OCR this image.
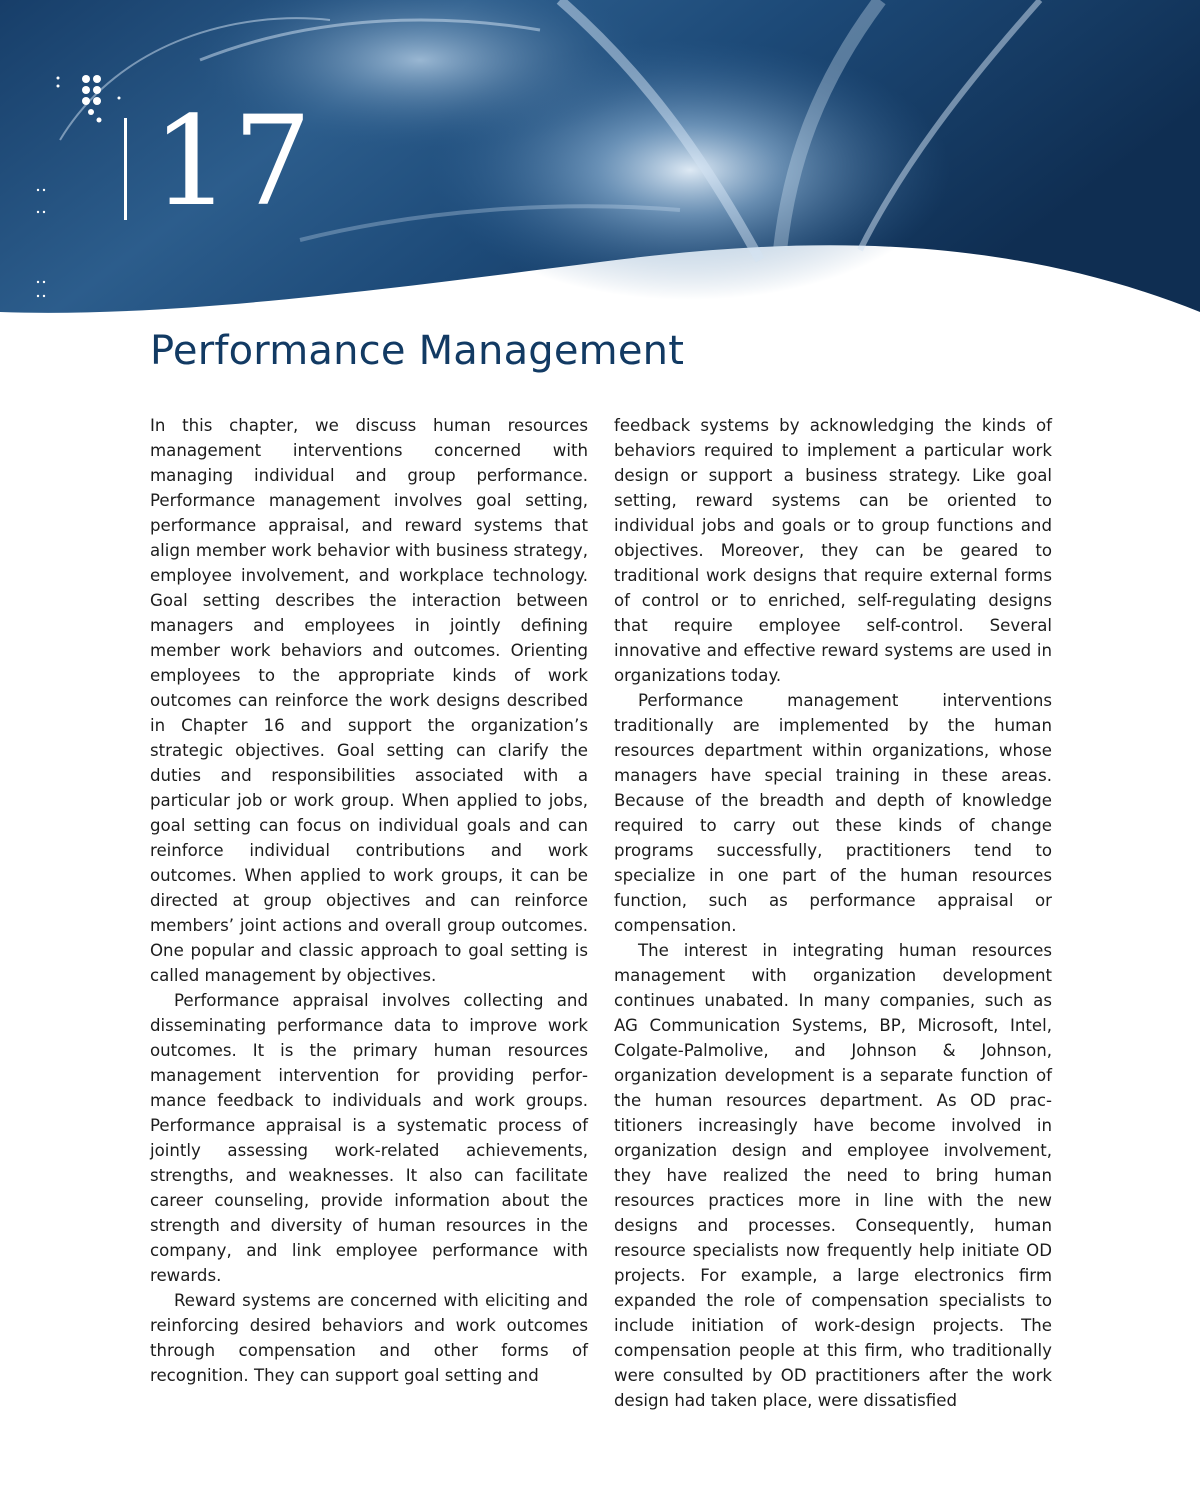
17
Performance Management

In this chapter, we discuss human resources management interventions concerned with managing individual and group performance. Performance management involves goal setting, performance appraisal, and reward systems that align member work behavior with business strategy, employee involvement, and workplace technology. Goal setting describes the interaction between managers and employees in jointly defining member work behaviors and outcomes. Orienting employees to the appropriate kinds of work outcomes can reinforce the work designs described in Chapter 16 and support the organization’s strategic objectives. Goal setting can clarify the duties and responsibilities associated with a particular job or work group. When applied to jobs, goal setting can focus on individual goals and can reinforce individual contributions and work outcomes. When applied to work groups, it can be directed at group objectives and can reinforce members’ joint actions and overall group outcomes. One popular and classic approach to goal setting is called management by objectives.

Performance appraisal involves collecting and disseminating performance data to improve work outcomes. It is the primary human resources management intervention for providing performance feedback to individuals and work groups. Performance appraisal is a systematic process of jointly assessing work-related achievements, strengths, and weaknesses. It also can facilitate career counseling, provide information about the strength and diversity of human resources in the company, and link employee performance with rewards.

Reward systems are concerned with eliciting and reinforcing desired behaviors and work outcomes through compensation and other forms of recognition. They can support goal setting and

feedback systems by acknowledging the kinds of behaviors required to implement a particular work design or support a business strategy. Like goal setting, reward systems can be oriented to individual jobs and goals or to group functions and objectives. Moreover, they can be geared to traditional work designs that require external forms of control or to enriched, self-regulating designs that require employee self-control. Several innovative and effective reward systems are used in organizations today.

Performance management interventions traditionally are implemented by the human resources department within organizations, whose managers have special training in these areas. Because of the breadth and depth of knowledge required to carry out these kinds of change programs successfully, practitioners tend to specialize in one part of the human resources function, such as performance appraisal or compensation.

The interest in integrating human resources management with organization development continues unabated. In many companies, such as AG Communication Systems, BP, Microsoft, Intel, Colgate-Palmolive, and Johnson & Johnson, organization development is a separate function of the human resources department. As OD practitioners increasingly have become involved in organization design and employee involvement, they have realized the need to bring human resources practices more in line with the new designs and processes. Consequently, human resource specialists now frequently help initiate OD projects. For example, a large electronics firm expanded the role of compensation specialists to include initiation of work-design projects. The compensation people at this firm, who traditionally were consulted by OD practitioners after the work design had taken place, were dissatisfied
